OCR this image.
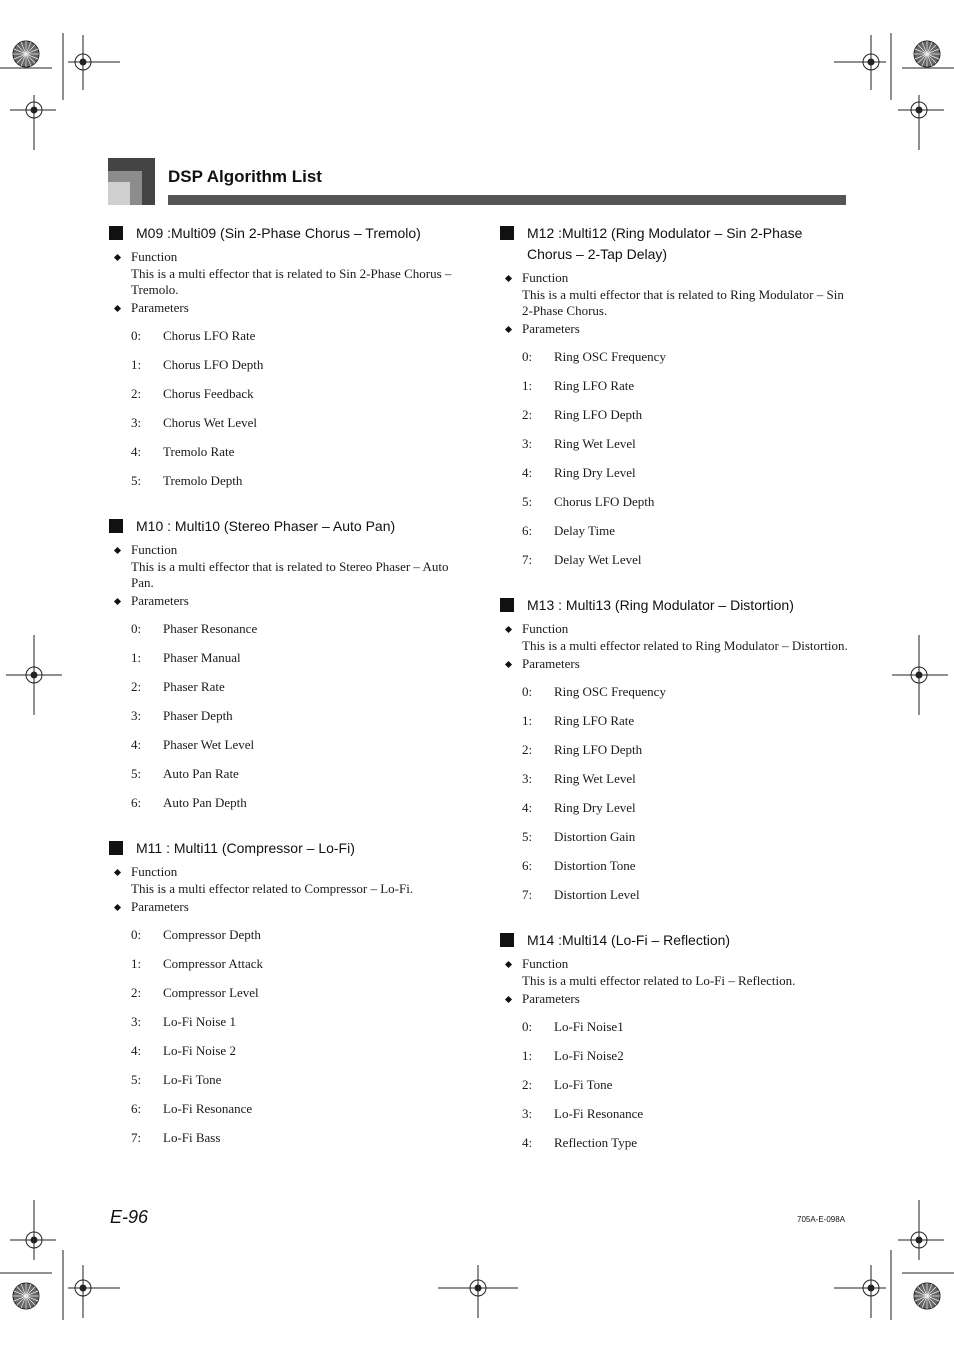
DSP Algorithm List
M09 :Multi09 (Sin 2-Phase Chorus – Tremolo)
Function
This is a multi effector that is related to Sin 2-Phase Chorus – Tremolo.
Parameters
0: Chorus LFO Rate
1: Chorus LFO Depth
2: Chorus Feedback
3: Chorus Wet Level
4: Tremolo Rate
5: Tremolo Depth
M10 : Multi10 (Stereo Phaser – Auto Pan)
Function
This is a multi effector that is related to Stereo Phaser – Auto Pan.
Parameters
0: Phaser Resonance
1: Phaser Manual
2: Phaser Rate
3: Phaser Depth
4: Phaser Wet Level
5: Auto Pan Rate
6: Auto Pan Depth
M11 : Multi11 (Compressor – Lo-Fi)
Function
This is a multi effector related to Compressor – Lo-Fi.
Parameters
0: Compressor Depth
1: Compressor Attack
2: Compressor Level
3: Lo-Fi Noise 1
4: Lo-Fi Noise 2
5: Lo-Fi Tone
6: Lo-Fi Resonance
7: Lo-Fi Bass
M12 :Multi12 (Ring Modulator – Sin 2-Phase Chorus – 2-Tap Delay)
Function
This is a multi effector that is related to Ring Modulator – Sin 2-Phase Chorus.
Parameters
0: Ring OSC Frequency
1: Ring LFO Rate
2: Ring LFO Depth
3: Ring Wet Level
4: Ring Dry Level
5: Chorus LFO Depth
6: Delay Time
7: Delay Wet Level
M13 : Multi13 (Ring Modulator – Distortion)
Function
This is a multi effector related to Ring Modulator – Distortion.
Parameters
0: Ring OSC Frequency
1: Ring LFO Rate
2: Ring LFO Depth
3: Ring Wet Level
4: Ring Dry Level
5: Distortion Gain
6: Distortion Tone
7: Distortion Level
M14 :Multi14 (Lo-Fi – Reflection)
Function
This is a multi effector related to Lo-Fi – Reflection.
Parameters
0: Lo-Fi Noise1
1: Lo-Fi Noise2
2: Lo-Fi Tone
3: Lo-Fi Resonance
4: Reflection Type
E-96	705A-E-098A
